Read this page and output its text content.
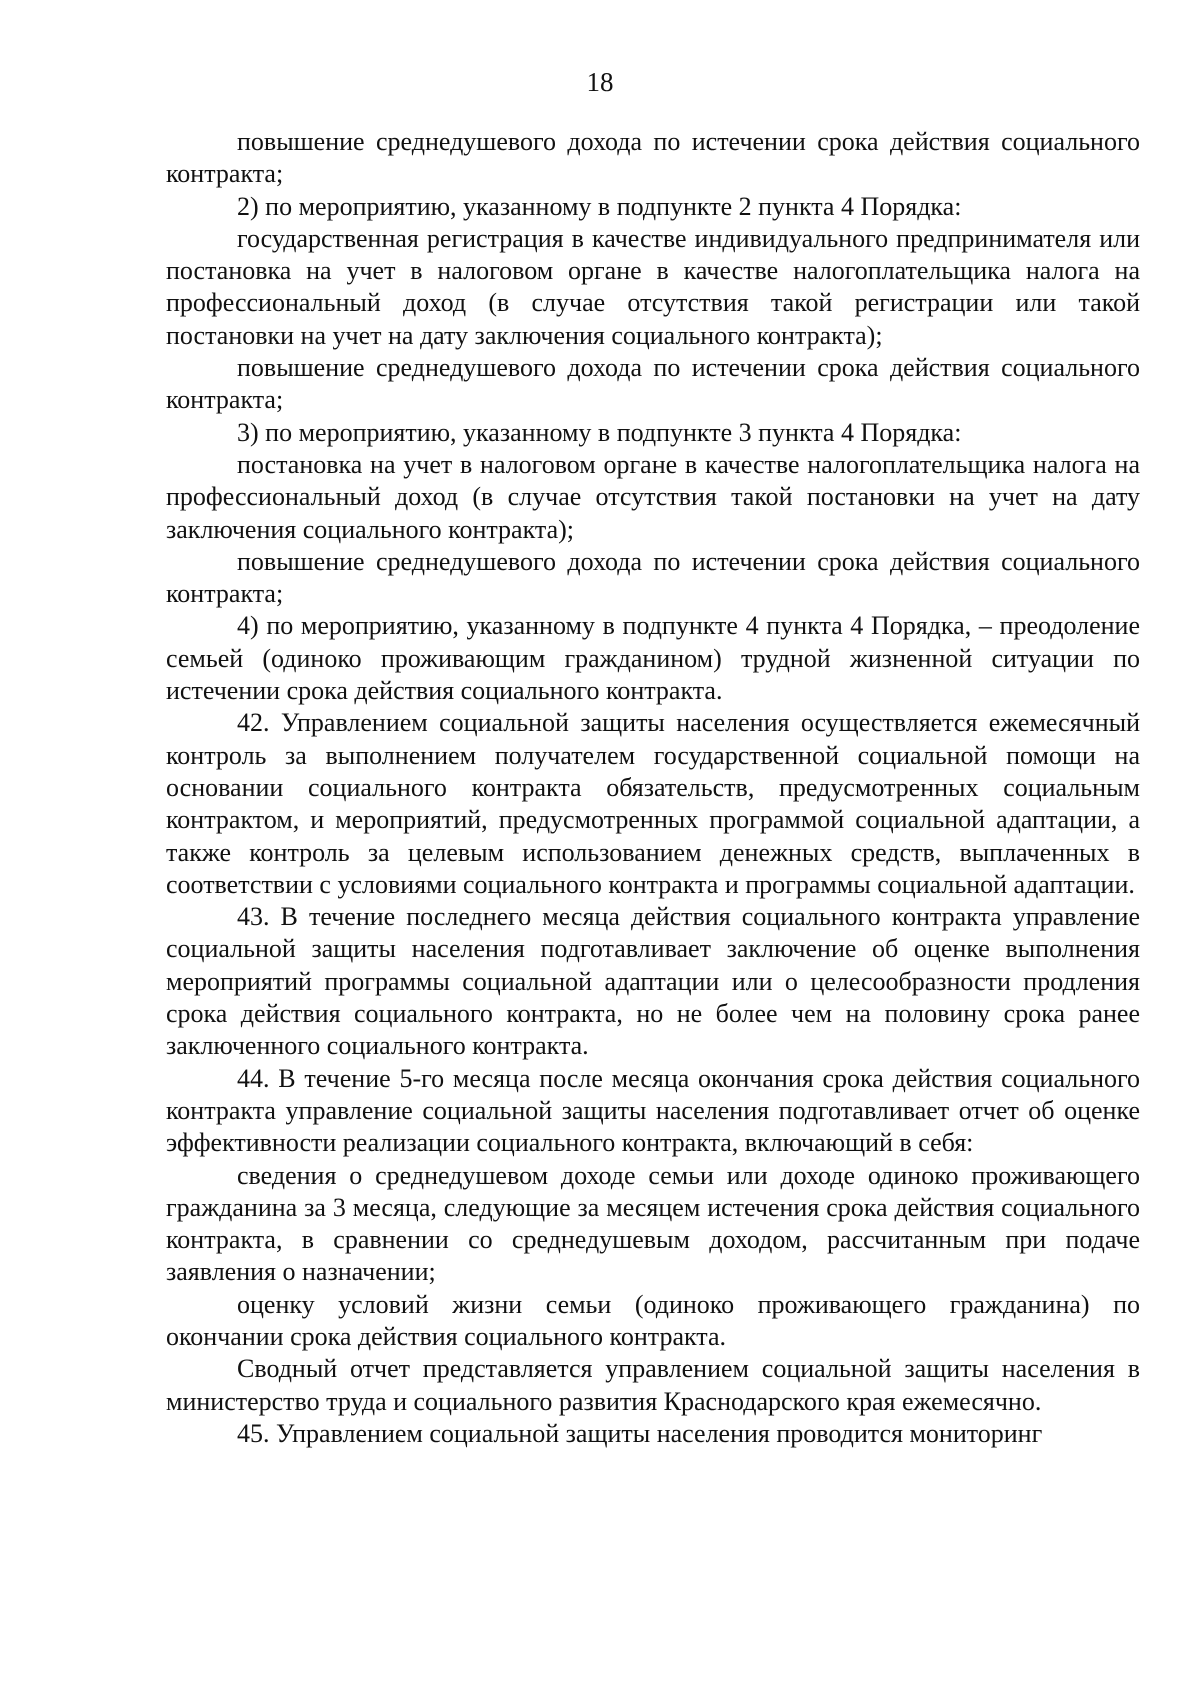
18

повышение среднедушевого дохода по истечении срока действия социального контракта;

2) по мероприятию, указанному в подпункте 2 пункта 4 Порядка:

государственная регистрация в качестве индивидуального предпринимателя или постановка на учет в налоговом органе в качестве налогоплательщика налога на профессиональный доход (в случае отсутствия такой регистрации или такой постановки на учет на дату заключения социального контракта);

повышение среднедушевого дохода по истечении срока действия социального контракта;

3) по мероприятию, указанному в подпункте 3 пункта 4 Порядка:

постановка на учет в налоговом органе в качестве налогоплательщика налога на профессиональный доход (в случае отсутствия такой постановки на учет на дату заключения социального контракта);

повышение среднедушевого дохода по истечении срока действия социального контракта;

4) по мероприятию, указанному в подпункте 4 пункта 4 Порядка, – преодоление семьей (одиноко проживающим гражданином) трудной жизненной ситуации по истечении срока действия социального контракта.

42. Управлением социальной защиты населения осуществляется ежемесячный контроль за выполнением получателем государственной социальной помощи на основании социального контракта обязательств, предусмотренных социальным контрактом, и мероприятий, предусмотренных программой социальной адаптации, а также контроль за целевым использованием денежных средств, выплаченных в соответствии с условиями социального контракта и программы социальной адаптации.

43. В течение последнего месяца действия социального контракта управление социальной защиты населения подготавливает заключение об оценке выполнения мероприятий программы социальной адаптации или о целесообразности продления срока действия социального контракта, но не более чем на половину срока ранее заключенного социального контракта.

44. В течение 5-го месяца после месяца окончания срока действия социального контракта управление социальной защиты населения подготавливает отчет об оценке эффективности реализации социального контракта, включающий в себя:

сведения о среднедушевом доходе семьи или доходе одиноко проживающего гражданина за 3 месяца, следующие за месяцем истечения срока действия социального контракта, в сравнении со среднедушевым доходом, рассчитанным при подаче заявления о назначении;

оценку условий жизни семьи (одиноко проживающего гражданина) по окончании срока действия социального контракта.

Сводный отчет представляется управлением социальной защиты населения в министерство труда и социального развития Краснодарского края ежемесячно.

45. Управлением социальной защиты населения проводится мониторинг
